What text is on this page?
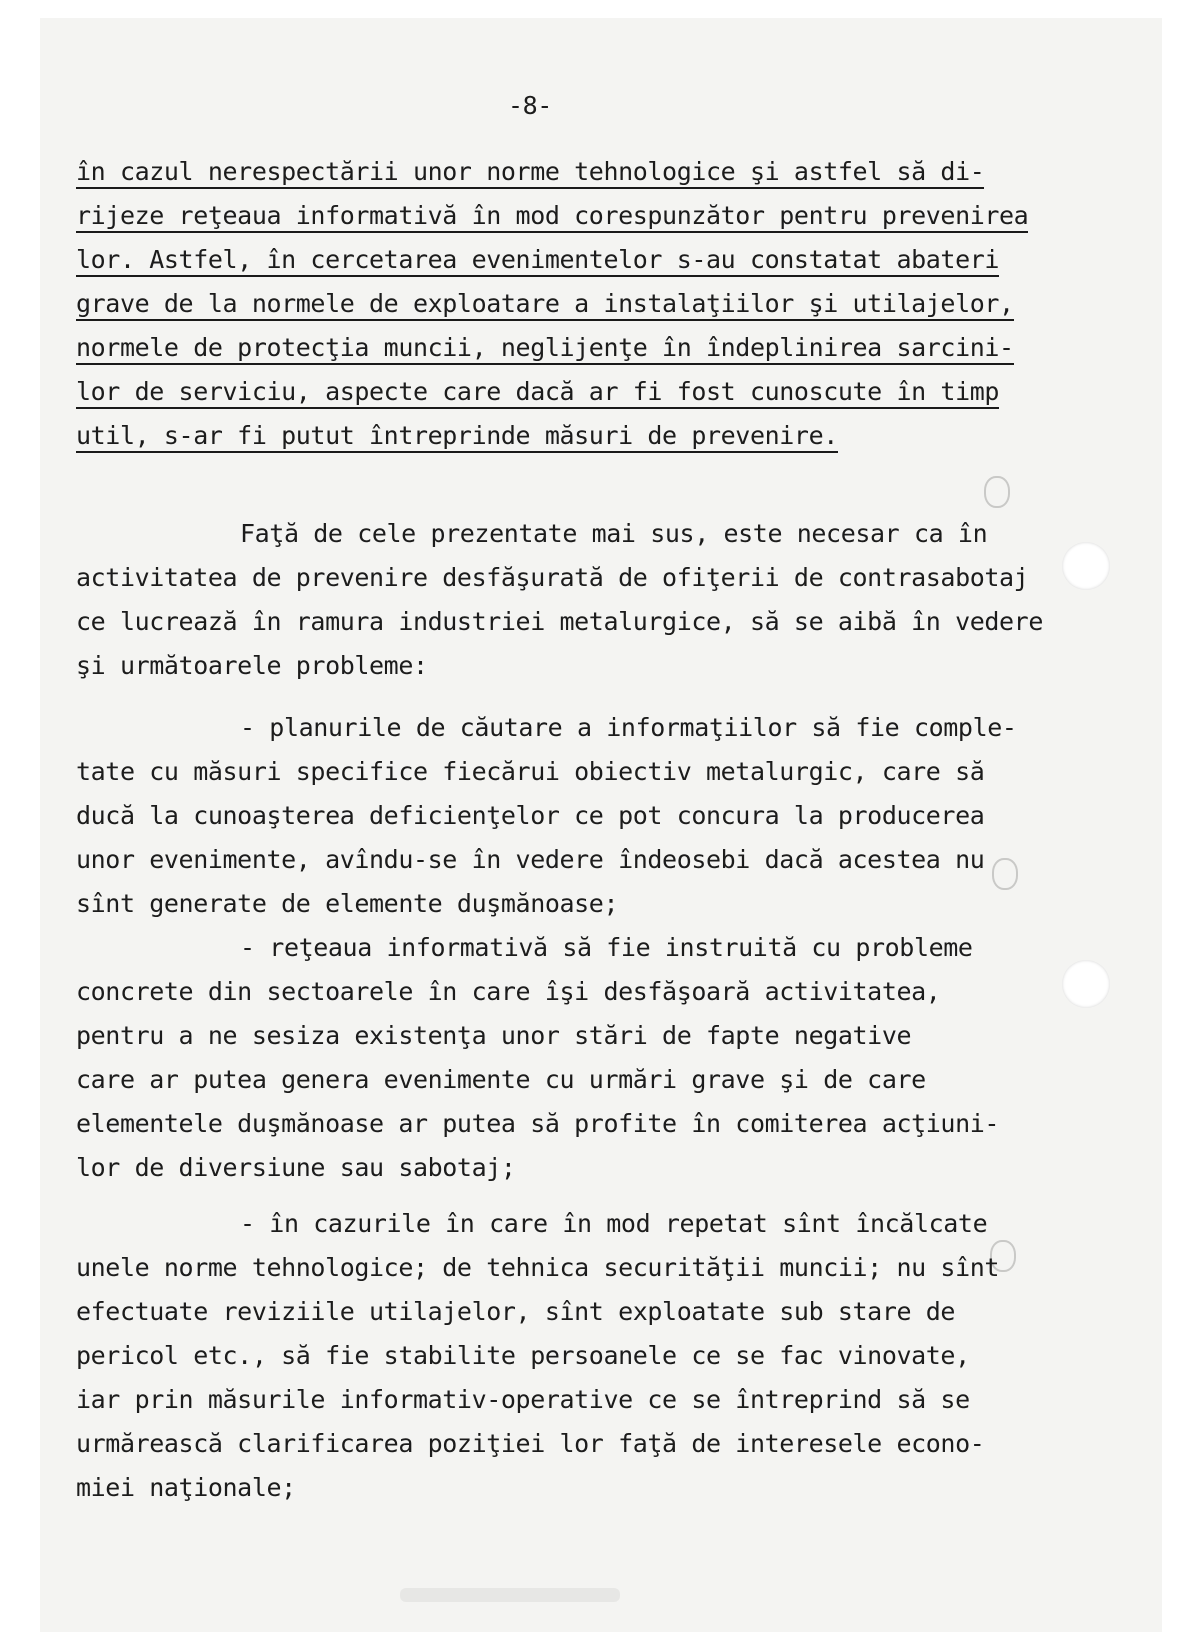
-8-
în cazul nerespectării unor norme tehnologice şi astfel să di-
rijeze reţeaua informativă în mod corespunzător pentru prevenirea
lor. Astfel, în cercetarea evenimentelor s-au constatat abateri
grave de la normele de exploatare a instalaţiilor şi utilajelor,
normele de protecţia muncii, neglijenţe în îndeplinirea sarcini-
lor de serviciu, aspecte care dacă ar fi fost cunoscute în timp
util, s-ar fi putut întreprinde măsuri de prevenire.
Faţă de cele prezentate mai sus, este necesar ca în
activitatea de prevenire desfăşurată de ofiţerii de contrasabotaj
ce lucrează în ramura industriei metalurgice, să se aibă în vedere
şi următoarele probleme:
- planurile de căutare a informaţiilor să fie comple-
tate cu măsuri specifice fiecărui obiectiv metalurgic, care să
ducă la cunoaşterea deficienţelor ce pot concura la producerea
unor evenimente, avîndu-se în vedere îndeosebi dacă acestea nu
sînt generate de elemente duşmănoase;
- reţeaua informativă să fie instruită cu probleme
concrete din sectoarele în care îşi desfăşoară activitatea,
pentru a ne sesiza existenţa unor stări de fapte negative
care ar putea genera evenimente cu urmări grave şi de care
elementele duşmănoase ar putea să profite în comiterea acţiuni-
lor de diversiune sau sabotaj;
- în cazurile în care în mod repetat sînt încălcate
unele norme tehnologice; de tehnica securităţii muncii; nu sînt
efectuate reviziile utilajelor, sînt exploatate sub stare de
pericol etc., să fie stabilite persoanele ce se fac vinovate,
iar prin măsurile informativ-operative ce se întreprind să se
urmărească clarificarea poziţiei lor faţă de interesele econo-
miei naţionale;
